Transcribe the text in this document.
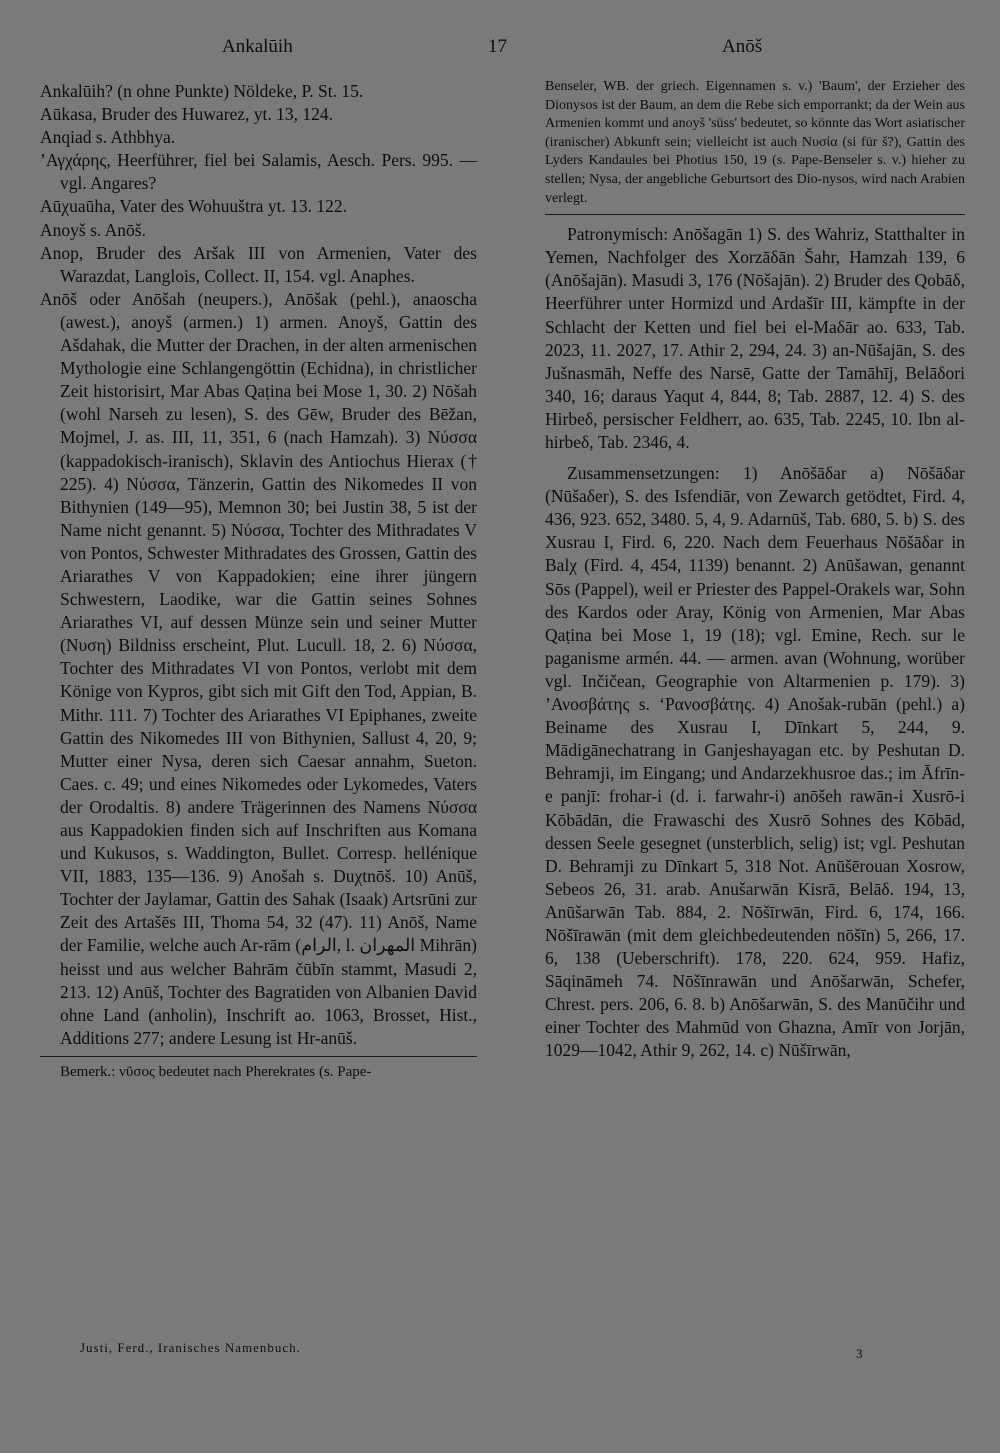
Ankalūih	17	Anōš

Ankalūih? (n ohne Punkte) Nöldeke, P. St. 15.

Aūkasa, Bruder des Huwarez, yt. 13, 124.

Anqiad s. Athbhya.

ʼΑγχάρης, Heerführer, fiel bei Salamis, Aesch. Pers. 995. — vgl. Angares?

Aūχuaūha, Vater des Wohuuštra yt. 13. 122.

Anoyš s. Anōš.

Anop, Bruder des Aršak III von Armenien, Vater des Warazdat, Langlois, Collect. II, 154. vgl. Anaphes.

Anōš oder Anōšah (neupers.), Anōšak (pehl.), anaoscha (awest.), anoyš (armen.) 1) armen. Anoyš, Gattin des Ašdahak, die Mutter der Drachen, in der alten armenischen Mythologie eine Schlangengöttin (Echidna), in christlicher Zeit historisirt, Mar Abas Qaṭina bei Mose 1, 30. 2) Nōšah (wohl Narseh zu lesen), S. des Gēw, Bruder des Bēžan, Mojmel, J. as. III, 11, 351, 6 (nach Hamzah). 3) Νύσσα (kappadokisch-iranisch), Sklavin des Antiochus Hierax († 225). 4) Νύσσα, Tänzerin, Gattin des Nikomedes II von Bithynien (149—95), Memnon 30; bei Justin 38, 5 ist der Name nicht genannt. 5) Νύσσα, Tochter des Mithradates V von Pontos, Schwester Mithradates des Grossen, Gattin des Ariarathes V von Kappadokien; eine ihrer jüngern Schwestern, Laodike, war die Gattin seines Sohnes Ariarathes VI, auf dessen Münze sein und seiner Mutter (Νυση) Bildniss erscheint, Plut. Lucull. 18, 2. 6) Νύσσα, Tochter des Mithradates VI von Pontos, verlobt mit dem Könige von Kypros, gibt sich mit Gift den Tod, Appian, B. Mithr. 111. 7) Tochter des Ariarathes VI Epiphanes, zweite Gattin des Nikomedes III von Bithynien, Sallust 4, 20, 9; Mutter einer Nysa, deren sich Caesar annahm, Sueton. Caes. c. 49; und eines Nikomedes oder Lykomedes, Vaters der Orodaltis. 8) andere Trägerinnen des Namens Νύσσα aus Kappadokien finden sich auf Inschriften aus Komana und Kukusos, s. Waddington, Bullet. Corresp. hellénique VII, 1883, 135—136. 9) Anošah s. Duχtnōš. 10) Anūš, Tochter der Jaylamar, Gattin des Sahak (Isaak) Artsrūni zur Zeit des Artašēs III, Thoma 54, 32 (47). 11) Anōš, Name der Familie, welche auch Ar-rām (الرام, l. المهران Mihrān) heisst und aus welcher Bahrām čūbīn stammt, Masudi 2, 213. 12) Anūš, Tochter des Bagratiden von Albanien David ohne Land (anholin), Inschrift ao. 1063, Brosset, Hist., Additions 277; andere Lesung ist Hr-anūš.

Bemerk.: νῦσος bedeutet nach Pherekrates (s. Pape-

Justi, Ferd., Iranisches Namenbuch.

Benseler, WB. der griech. Eigennamen s. v.) 'Baum', der Erzieher des Dionysos ist der Baum, an dem die Rebe sich emporrankt; da der Wein aus Armenien kommt und anoyš 'süss' bedeutet, so könnte das Wort asiatischer (iranischer) Abkunft sein; vielleicht ist auch Nυσία (si für š?), Gattin des Lyders Kandaules bei Photius 150, 19 (s. Pape-Benseler s. v.) hieher zu stellen; Nysa, der angebliche Geburtsort des Dio-nysos, wird nach Arabien verlegt.

Patronymisch: Anōšagān 1) S. des Wahriz, Statthalter in Yemen, Nachfolger des Xorzāδān Šahr, Hamzah 139, 6 (Anōšajān). Masudi 3, 176 (Nōšajān). 2) Bruder des Qobāδ, Heerführer unter Hormizd und Ardašīr III, kämpfte in der Schlacht der Ketten und fiel bei el-Maδār ao. 633, Tab. 2023, 11. 2027, 17. Athir 2, 294, 24. 3) an-Nūšajān, S. des Jušnasmāh, Neffe des Narsē, Gatte der Tamāhīj, Belāδori 340, 16; daraus Yaqut 4, 844, 8; Tab. 2887, 12. 4) S. des Hirbeδ, persischer Feldherr, ao. 635, Tab. 2245, 10. Ibn al-hirbeδ, Tab. 2346, 4.

Zusammensetzungen: 1) Anōšāδar a) Nōšāδar (Nūšaδer), S. des Isfendiār, von Zewarch getödtet, Fird. 4, 436, 923. 652, 3480. 5, 4, 9. Adarnūš, Tab. 680, 5. b) S. des Xusrau I, Fird. 6, 220. Nach dem Feuerhaus Nōšāδar in Balχ (Fird. 4, 454, 1139) benannt. 2) Anūšawan, genannt Sōs (Pappel), weil er Priester des Pappel-Orakels war, Sohn des Kardos oder Aray, König von Armenien, Mar Abas Qaṭina bei Mose 1, 19 (18); vgl. Emine, Rech. sur le paganisme armén. 44. — armen. avan (Wohnung, worüber vgl. Inčičean, Geographie von Altarmenien p. 179). 3) ʼΑνοσβάτης s. ʻΡανοσβάτης. 4) Anošak-rubān (pehl.) a) Beiname des Xusrau I, Dīnkart 5, 244, 9. Mādigānechatrang in Ganjeshayagan etc. by Peshutan D. Behramji, im Eingang; und Andarzekhusroe das.; im Āfrīn-e panjī: frohar-i (d. i. farwahr-i) anōšeh rawān-i Xusrō-i Kōbādān, die Frawaschi des Xusrō Sohnes des Kōbād, dessen Seele gesegnet (unsterblich, selig) ist; vgl. Peshutan D. Behramji zu Dīnkart 5, 318 Not. Anūšērouan Xosrow, Sebeos 26, 31. arab. Anušarwān Kisrā, Belāδ. 194, 13, Anūšarwān Tab. 884, 2. Nōšīrwān, Fird. 6, 174, 166. Nōšīrawān (mit dem gleichbedeutenden nōšīn) 5, 266, 17. 6, 138 (Ueberschrift). 178, 220. 624, 959. Hafiz, Sāqināmeh 74. Nōšīnrawān und Anōšarwān, Schefer, Chrest. pers. 206, 6. 8. b) Anōšarwān, S. des Manūčihr und einer Tochter des Mahmūd von Ghazna, Amīr von Jorjān, 1029—1042, Athir 9, 262, 14. c) Nūšīrwān,

3
